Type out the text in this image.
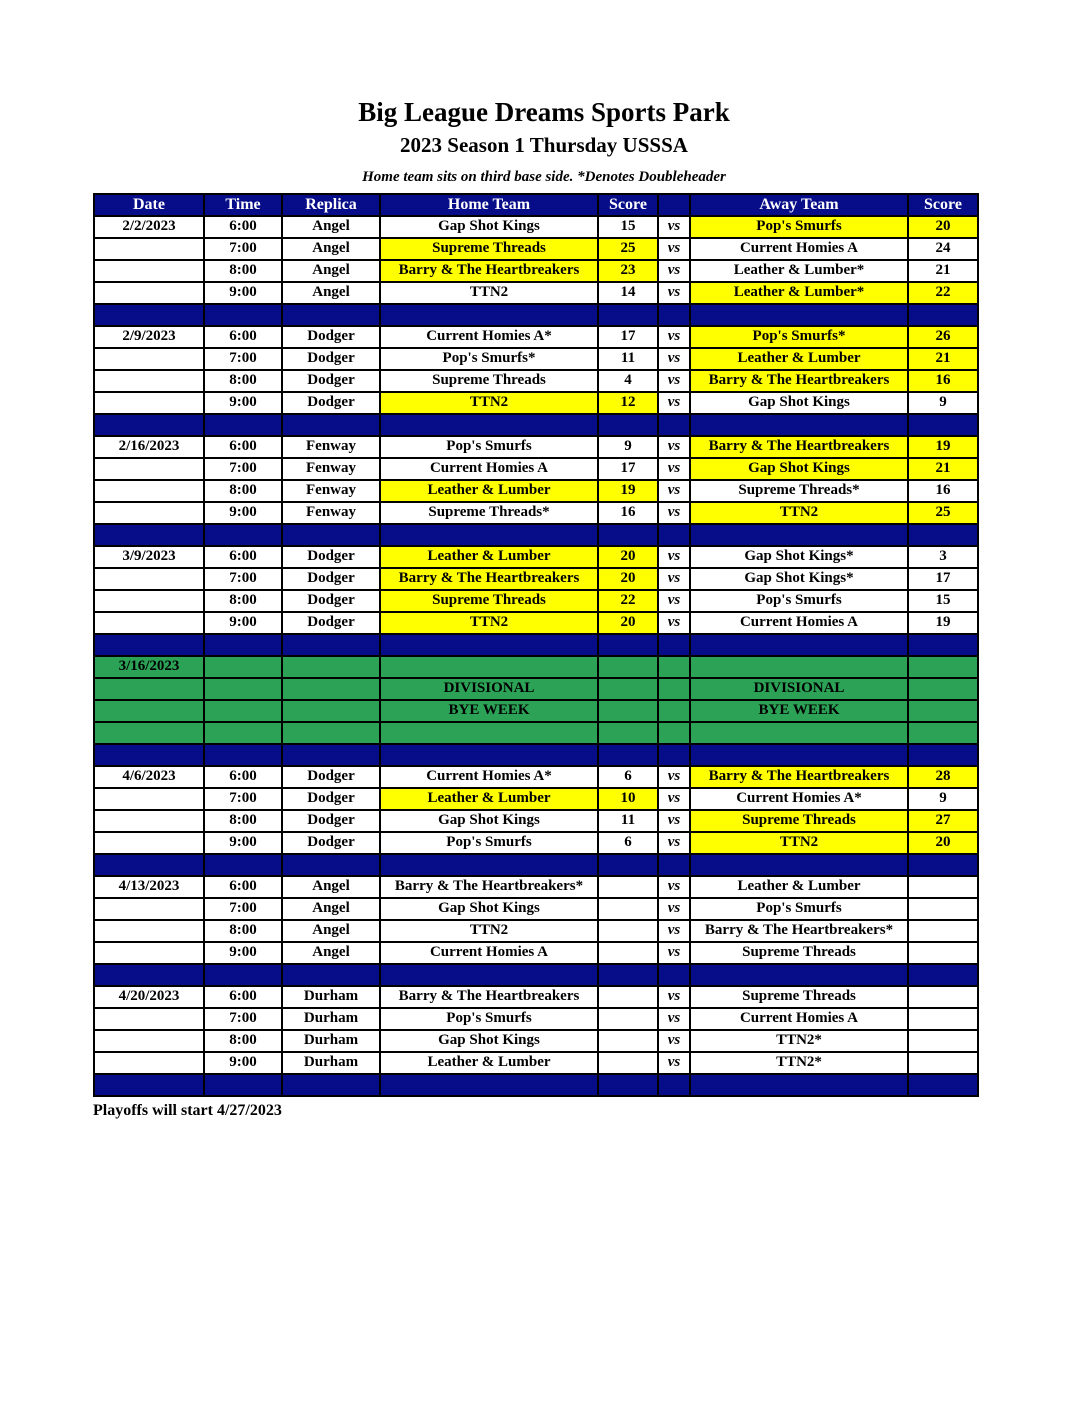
Big League Dreams Sports Park
2023 Season 1 Thursday USSSA
Home team sits on third base side. *Denotes Doubleheader
Date	Time	Replica	Home Team	Score		Away Team	Score
2/2/2023	6:00	Angel	Gap Shot Kings	15	vs	Pop's Smurfs	20
	7:00	Angel	Supreme Threads	25	vs	Current Homies A	24
	8:00	Angel	Barry & The Heartbreakers	23	vs	Leather & Lumber*	21
	9:00	Angel	TTN2	14	vs	Leather & Lumber*	22

2/9/2023	6:00	Dodger	Current Homies A*	17	vs	Pop's Smurfs*	26
	7:00	Dodger	Pop's Smurfs*	11	vs	Leather & Lumber	21
	8:00	Dodger	Supreme Threads	4	vs	Barry & The Heartbreakers	16
	9:00	Dodger	TTN2	12	vs	Gap Shot Kings	9

2/16/2023	6:00	Fenway	Pop's Smurfs	9	vs	Barry & The Heartbreakers	19
	7:00	Fenway	Current Homies A	17	vs	Gap Shot Kings	21
	8:00	Fenway	Leather & Lumber	19	vs	Supreme Threads*	16
	9:00	Fenway	Supreme Threads*	16	vs	TTN2	25

3/9/2023	6:00	Dodger	Leather & Lumber	20	vs	Gap Shot Kings*	3
	7:00	Dodger	Barry & The Heartbreakers	20	vs	Gap Shot Kings*	17
	8:00	Dodger	Supreme Threads	22	vs	Pop's Smurfs	15
	9:00	Dodger	TTN2	20	vs	Current Homies A	19

3/16/2023							
			DIVISIONAL			DIVISIONAL	
			BYE WEEK			BYE WEEK	

4/6/2023	6:00	Dodger	Current Homies A*	6	vs	Barry & The Heartbreakers	28
	7:00	Dodger	Leather & Lumber	10	vs	Current Homies A*	9
	8:00	Dodger	Gap Shot Kings	11	vs	Supreme Threads	27
	9:00	Dodger	Pop's Smurfs	6	vs	TTN2	20

4/13/2023	6:00	Angel	Barry & The Heartbreakers*		vs	Leather & Lumber	
	7:00	Angel	Gap Shot Kings		vs	Pop's Smurfs	
	8:00	Angel	TTN2		vs	Barry & The Heartbreakers*	
	9:00	Angel	Current Homies A		vs	Supreme Threads	

4/20/2023	6:00	Durham	Barry & The Heartbreakers		vs	Supreme Threads	
	7:00	Durham	Pop's Smurfs		vs	Current Homies A	
	8:00	Durham	Gap Shot Kings		vs	TTN2*	
	9:00	Durham	Leather & Lumber		vs	TTN2*	

Playoffs will start 4/27/2023
